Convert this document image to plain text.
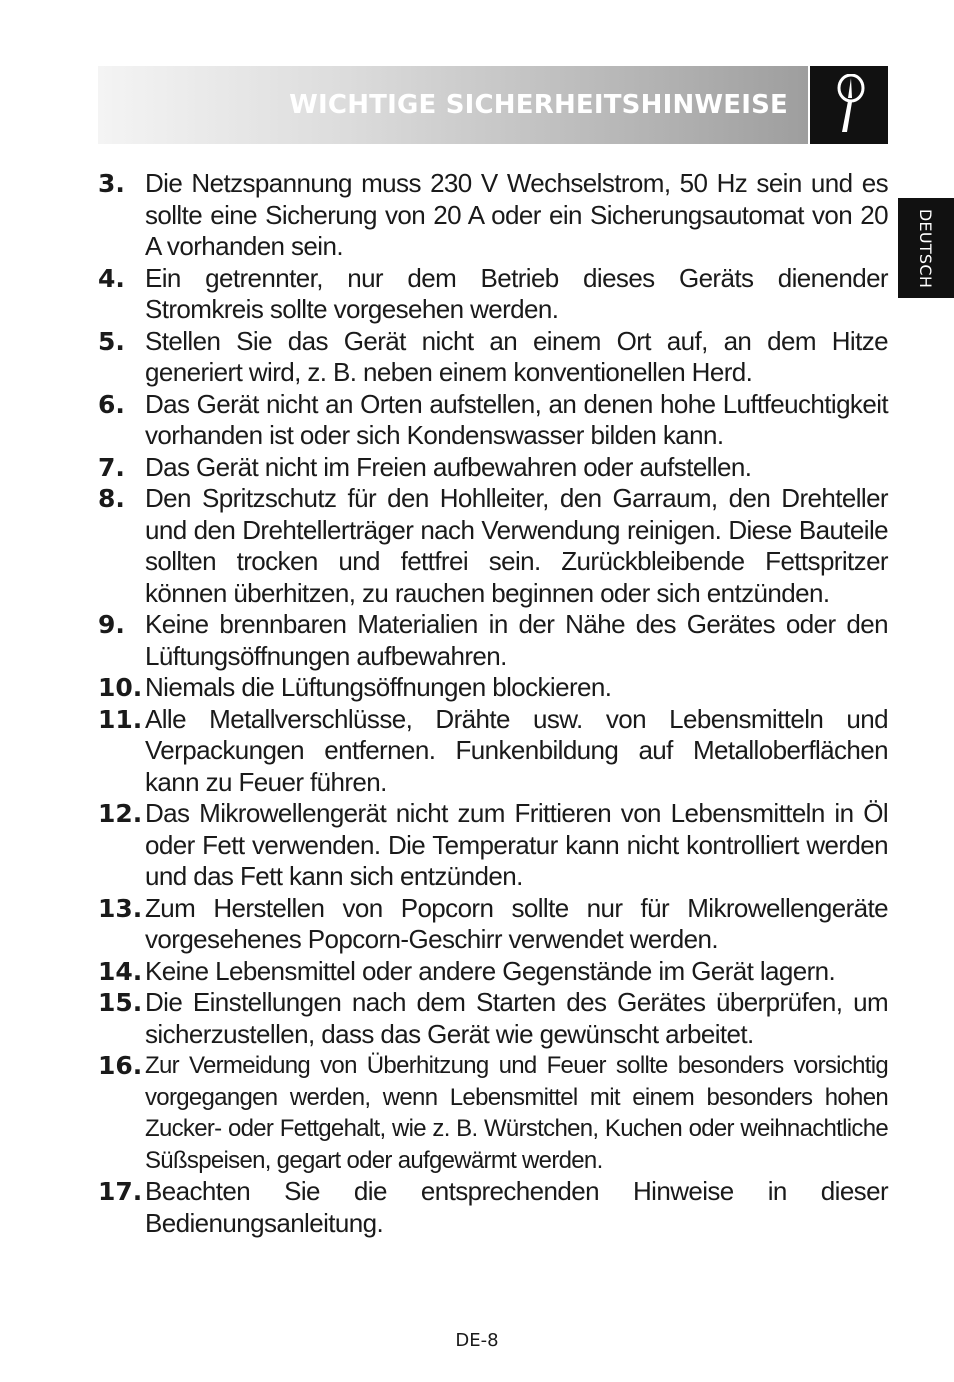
WICHTIGE SICHERHEITSHINWEISE
DEUTSCH
3. Die Netzspannung muss 230 V Wechselstrom, 50 Hz sein und es sollte eine Sicherung von 20 A oder ein Sicherungsautomat von 20 A vorhanden sein.
4. Ein getrennter, nur dem Betrieb dieses Geräts dienender Stromkreis sollte vorgesehen werden.
5. Stellen Sie das Gerät nicht an einem Ort auf, an dem Hitze generiert wird, z. B. neben einem konventionellen Herd.
6. Das Gerät nicht an Orten aufstellen, an denen hohe Luftfeuchtigkeit vorhanden ist oder sich Kondenswasser bilden kann.
7. Das Gerät nicht im Freien aufbewahren oder aufstellen.
8. Den Spritzschutz für den Hohlleiter, den Garraum, den Drehteller und den Drehtellerträger nach Verwendung reinigen. Diese Bauteile sollten trocken und fettfrei sein. Zurückbleibende Fettspritzer können überhitzen, zu rauchen beginnen oder sich entzünden.
9. Keine brennbaren Materialien in der Nähe des Gerätes oder den Lüftungsöffnungen aufbewahren.
10. Niemals die Lüftungsöffnungen blockieren.
11. Alle Metallverschlüsse, Drähte usw. von Lebensmitteln und Verpackungen entfernen. Funkenbildung auf Metalloberflächen kann zu Feuer führen.
12. Das Mikrowellengerät nicht zum Frittieren von Lebensmitteln in Öl oder Fett verwenden. Die Temperatur kann nicht kontrolliert werden und das Fett kann sich entzünden.
13. Zum Herstellen von Popcorn sollte nur für Mikrowellengeräte vorgesehenes Popcorn-Geschirr verwendet werden.
14. Keine Lebensmittel oder andere Gegenstände im Gerät lagern.
15. Die Einstellungen nach dem Starten des Gerätes überprüfen, um sicherzustellen, dass das Gerät wie gewünscht arbeitet.
16. Zur Vermeidung von Überhitzung und Feuer sollte besonders vorsichtig vorgegangen werden, wenn Lebensmittel mit einem besonders hohen Zucker- oder Fettgehalt, wie z. B. Würstchen, Kuchen oder weihnachtliche Süßspeisen, gegart oder aufgewärmt werden.
17. Beachten Sie die entsprechenden Hinweise in dieser Bedienungsanleitung.
DE-8
